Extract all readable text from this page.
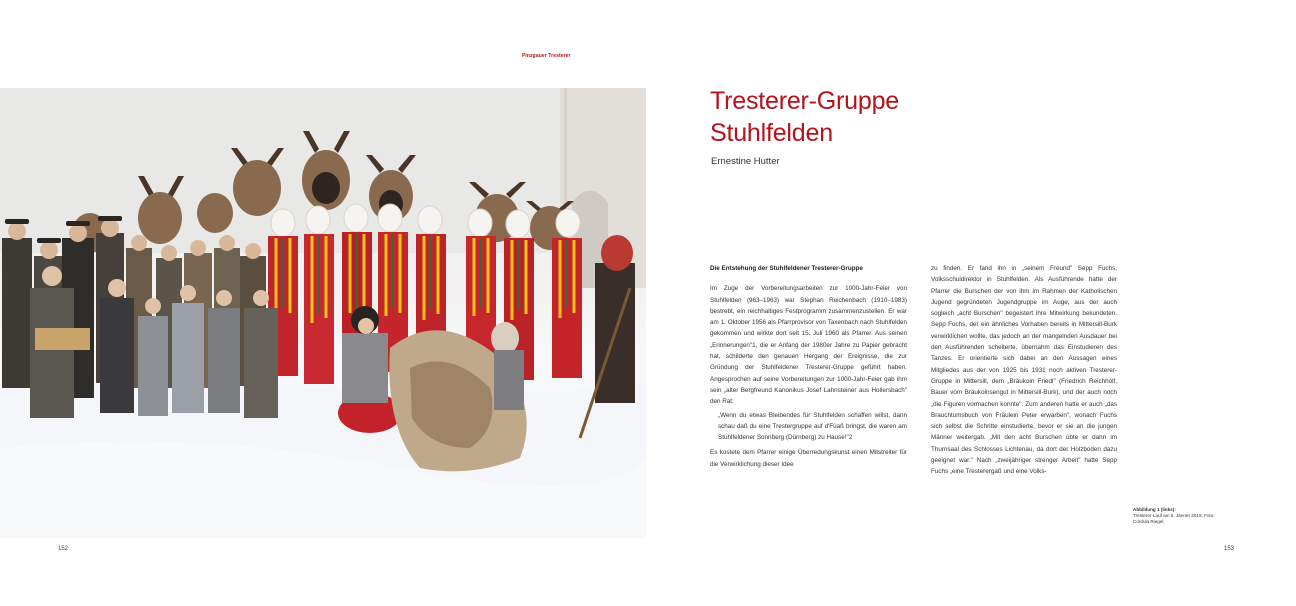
Pinzgauer Tresterer
152
Tresterer-Gruppe
Stuhlfelden
Ernestine Hutter
Die Entstehung der Stuhlfeldener Tresterer-Gruppe

Im Zuge der Vorbereitungsarbeiten zur 1000-Jahr-Feier von Stuhlfelden (963–1963) war Stephan Reichenbach (1910–1983) bestrebt, ein reichhaltiges Festprogramm zusammenzustellen. Er war am 1. Oktober 1956 als Pfarrprovisor von Taxenbach nach Stuhlfelden gekommen und wirkte dort seit 15. Juli 1960 als Pfarrer. Aus seinen „Erinnerungen"1, die er Anfang der 1980er Jahre zu Papier gebracht hat, schilderte den genauen Hergang der Ereignisse, die zur Gründung der Stuhlfeldener Tresterer-Gruppe geführt haben. Angesprochen auf seine Vorbereitungen zur 1000-Jahr-Feier gab ihm sein „alter Bergfreund Kanonikus Josef Lahnsteiner aus Hollersbach" den Rat:

„Wenn du etwas Bleibendes für Stuhlfelden schaffen willst, dann schau daß du eine Trestergruppe auf d'Füaß bringst, die waren am Stuhlfeldener Sonnberg (Dürnberg) zu Hause!"2

Es kostete dem Pfarrer einige Überredungskunst einen Mitstreiter für die Verwirklichung dieser Idee

zu finden. Er fand ihn in „seinem Freund" Sepp Fuchs, Volksschuldirektor in Stuhlfelden. Als Ausführende hatte der Pfarrer die Burschen der von ihm im Rahmen der Katholischen Jugend gegründeten Jugendgruppe im Auge, aus der auch sogleich „acht Burschen" begeistert ihre Mitwirkung bekundeten. Sepp Fuchs, der ein ähnliches Vorhaben bereits in Mittersill-Burk verwirklichen wollte, das jedoch an der mangelnden Ausdauer bei den Ausführenden scheiterte, übernahm das Einstudieren des Tanzes. Er orientierte sich dabei an den Aussagen eines Mitgliedes aus der von 1925 bis 1931 noch aktiven Tresterer-Gruppe in Mittersill, dem „Bräukoin Friedl" (Friedrich Reichholf, Bauer vom Bräukoinsengut in Mittersill-Burk), und der auch noch „die Figuren vormachen konnte". Zum anderen hatte er auch „das Brauchtumsbuch von Fräulein Peter erwarben", wonach Fuchs sich selbst die Schritte einstudierte, bevor er sie an die jungen Männer weitergab. „Mit den acht Burschen übte er dann im Thurnsaal des Schlosses Lichtenau, da dort der Holzboden dazu geeignet war." Nach „zweijähriger strenger Arbeit" hatte Sepp Fuchs „eine Tresterergaß und eine Volks-

Abbildung 1 (links):
Tresterer-Lauf am 6. Jänner 2019, Foto: Cordula Riegel.
153
